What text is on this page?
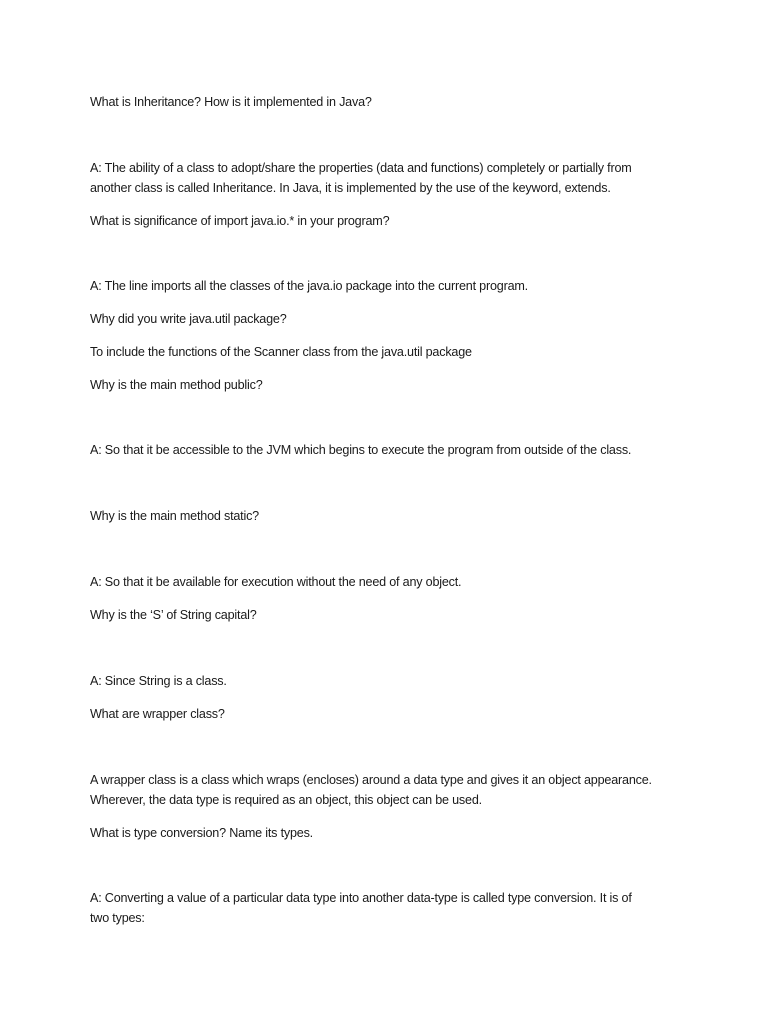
What is Inheritance? How is it implemented in Java?

A: The ability of a class to adopt/share the properties (data and functions) completely or partially from

another class is called Inheritance. In Java, it is implemented by the use of the keyword, extends.

What is significance of import java.io.* in your program?

A: The line imports all the classes of the java.io package into the current program.

Why did you write java.util package?

To include the functions of the Scanner class from the java.util package

Why is the main method public?

A: So that it be accessible to the JVM which begins to execute the program from outside of the class.

Why is the main method static?

A: So that it be available for execution without the need of any object.

Why is the ‘S’ of String capital?

A: Since String is a class.

What are wrapper class?

A wrapper class is a class which wraps (encloses) around a data type and gives it an object appearance.

Wherever, the data type is required as an object, this object can be used.

What is type conversion? Name its types.

A: Converting a value of a particular data type into another data-type is called type conversion. It is of

two types:
